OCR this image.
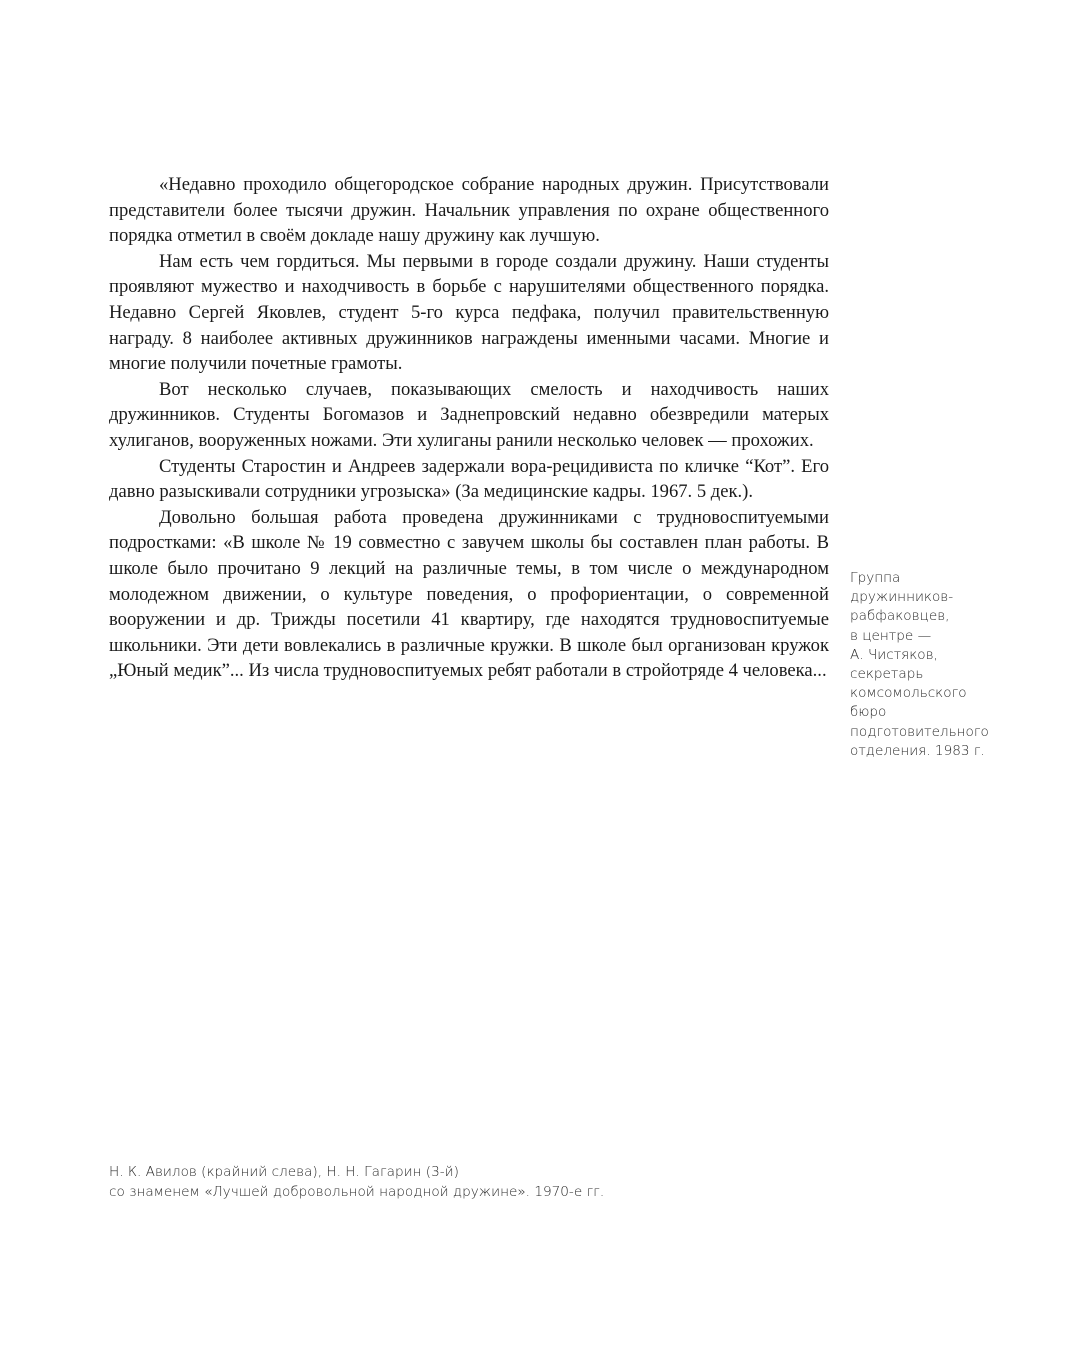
«Недавно проходило общегородское собрание народных дружин. Присутствовали представители более тысячи дружин. Начальник управления по охране общественного порядка отметил в своём докладе нашу дружину как лучшую.

Нам есть чем гордиться. Мы первыми в городе создали дружину. Наши студенты проявляют мужество и находчивость в борьбе с нарушителями общественного порядка. Недавно Сергей Яковлев, студент 5-го курса педфака, получил правительственную награду. 8 наиболее активных дружинников награждены именными часами. Многие и многие получили почетные грамоты.

Вот несколько случаев, показывающих смелость и находчивость наших дружинников. Студенты Богомазов и Заднепровский недавно обезвредили матерых хулиганов, вооруженных ножами. Эти хулиганы ранили несколько человек — прохожих.

Студенты Старостин и Андреев задержали вора-рецидивиста по кличке “Кот”. Его давно разыскивали сотрудники угрозыска» (За медицинские кадры. 1967. 5 дек.).

Довольно большая работа проведена дружинниками с трудновоспитуемыми подростками: «В школе № 19 совместно с завучем школы бы составлен план работы. В школе было прочитано 9 лекций на различные темы, в том числе о международном молодежном движении, о культуре поведения, о профориентации, о современной вооружении и др. Трижды посетили 41 квартиру, где находятся трудновоспитуемые школьники. Эти дети вовлекались в различные кружки. В школе был организован кружок „Юный медик”... Из числа трудновоспитуемых ребят работали в стройотряде 4 человека...

Группа
дружинников-
рабфаковцев,
в центре —
А. Чистяков,
секретарь
комсомольского
бюро
подготовительного
отделения. 1983 г.
Н. К. Авилов (крайний слева), Н. Н. Гагарин (3-й)
со знаменем «Лучшей добровольной народной дружине». 1970-е гг.
